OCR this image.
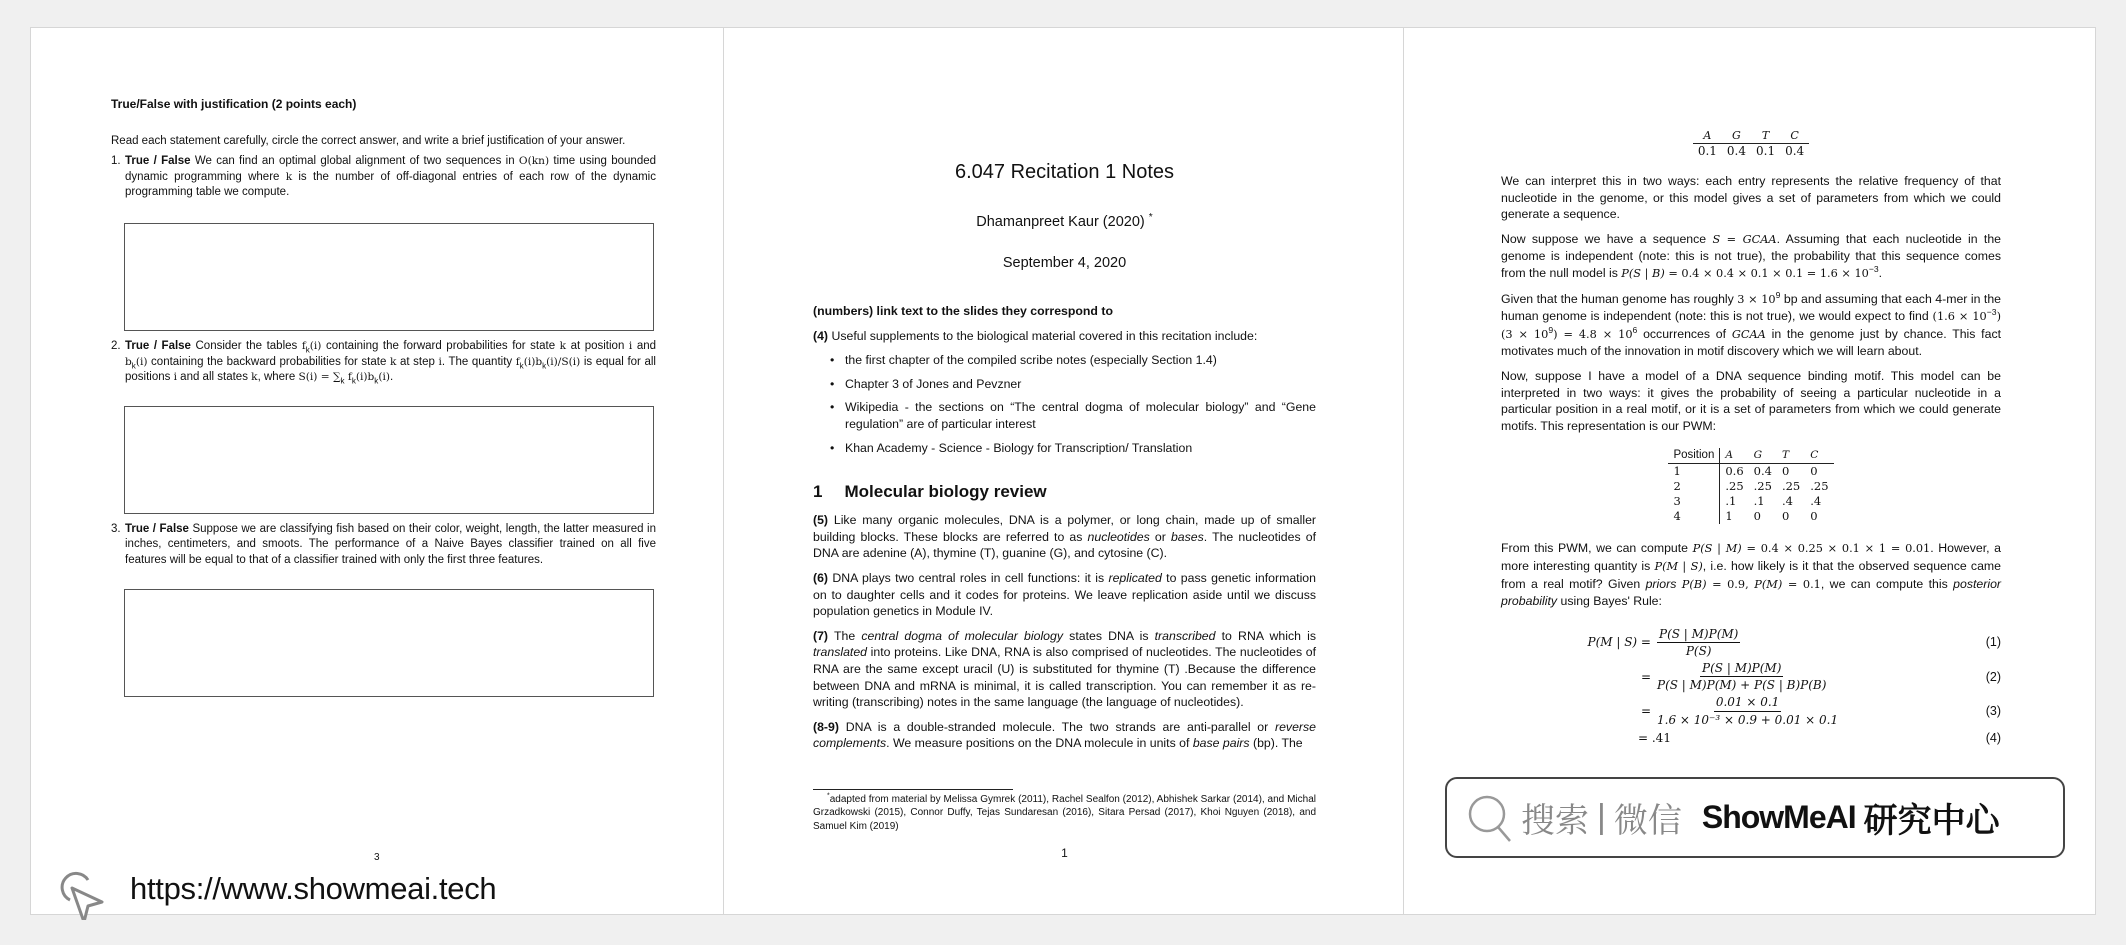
True/False with justification (2 points each)
Read each statement carefully, circle the correct answer, and write a brief justification of your answer.
1. True / False We can find an optimal global alignment of two sequences in O(kn) time using bounded dynamic programming where k is the number of off-diagonal entries of each row of the dynamic programming table we compute.
2. True / False Consider the tables $f_k(i)$ containing the forward probabilities for state k at position i and $b_k(i)$ containing the backward probabilities for state k at step i. The quantity $f_k(i)b_k(i)/S(i)$ is equal for all positions i and all states k, where $S(i) = \sum_k$ $f_k(i)b_k(i)$.
3. True / False Suppose we are classifying fish based on their color, weight, length, the latter measured in inches, centimeters, and smoots. The performance of a Naive Bayes classifier trained on all five features will be equal to that of a classifier trained with only the first three features.
3
6.047 Recitation 1 Notes
Dhamanpreet Kaur (2020) *
September 4, 2020
(numbers) link text to the slides they correspond to
(4) Useful supplements to the biological material covered in this recitation include:
• the first chapter of the compiled scribe notes (especially Section 1.4)
• Chapter 3 of Jones and Pevzner
• Wikipedia - the sections on “The central dogma of molecular biology” and “Gene regulation” are of particular interest
• Khan Academy - Science - Biology for Transcription/ Translation
1 Molecular biology review
(5) Like many organic molecules, DNA is a polymer, or long chain, made up of smaller building blocks. These blocks are referred to as nucleotides or bases. The nucleotides of DNA are adenine (A), thymine (T), guanine (G), and cytosine (C).
(6) DNA plays two central roles in cell functions: it is replicated to pass genetic information on to daughter cells and it codes for proteins. We leave replication aside until we discuss population genetics in Module IV.
(7) The central dogma of molecular biology states DNA is transcribed to RNA which is translated into proteins. Like DNA, RNA is also comprised of nucleotides. The nucleotides of RNA are the same except uracil (U) is substituted for thymine (T) .Because the difference between DNA and mRNA is minimal, it is called transcription. You can remember it as re-writing (transcribing) notes in the same language (the language of nucleotides).
(8-9) DNA is a double-stranded molecule. The two strands are anti-parallel or reverse complements. We measure positions on the DNA molecule in units of base pairs (bp). The
*adapted from material by Melissa Gymrek (2011), Rachel Sealfon (2012), Abhishek Sarkar (2014), and Michal Grzadkowski (2015), Connor Duffy, Tejas Sundaresan (2016), Sitara Persad (2017), Khoi Nguyen (2018), and Samuel Kim (2019)
1
A	G	T	C
0.1	0.4	0.1	0.4
We can interpret this in two ways: each entry represents the relative frequency of that nucleotide in the genome, or this model gives a set of parameters from which we could generate a sequence.
Now suppose we have a sequence S = GCAA. Assuming that each nucleotide in the genome is independent (note: this is not true), the probability that this sequence comes from the null model is P(S | $B) = 0.4 \times 0.4 \times 0.1 \times 0.1 = 1.6 \times 10^{-3}$.
Given that the human genome has roughly $3 \times 10^9$ bp and assuming that each 4-mer in the human genome is independent (note: this is not true), we would expect to find $(1.6 \times 10^{-3})(3 \times 10^9) = 4.8 \times 10^6$ occurrences of GCAA in the genome just by chance. This fact motivates much of the innovation in motif discovery which we will learn about.
Now, suppose I have a model of a DNA sequence binding motif. This model can be interpreted in two ways: it gives the probability of seeing a particular nucleotide in a particular position in a real motif, or it is a set of parameters from which we could generate motifs. This representation is our PWM:
Position	A	G	T	C
1	0.6	0.4	0	0
2	.25	.25	.25	.25
3	.1	.1	.4	.4
4	1	0	0	0
From this PWM, we can compute P(S | M) = 0.4 × 0.25 × 0.1 × 1 = 0.01. However, a more interesting quantity is P(M | S), i.e. how likely is it that the observed sequence came from a real motif? Given priors P(B) = 0.9, P(M) = 0.1, we can compute this posterior probability using Bayes' Rule:
P(M | $S) = \frac{P(S | M)P(M)}{P(S)}$	(1)
= $\frac{P(S | M)P(M)}{P(S | M)P(M) + P(S | B)P(B)}$	(2)
= $\frac{0.01 \times 0.1}{\text{1.6 × 10⁻³ × 0.9 + 0.01 × 0.1}}$	(3)
= .41	(4)
https://www.showmeai.tech
搜索 | 微信 ShowMeAI 研究中心
